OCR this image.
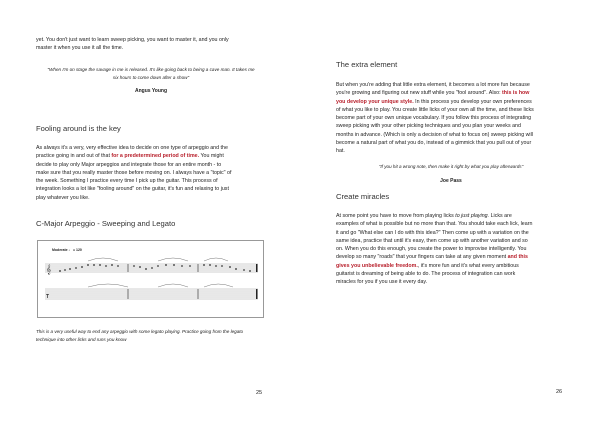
yet. You don't just want to learn sweep picking, you want to master it, and you only
master it when you use it all the time.
"When I'm on stage the savage in me is released. It's like going back to being a cave man. It takes me
six hours to come down after a show"
Angus Young
Fooling around is the key
As always it's a very, very effective idea to decide on one type of arpeggio and the
practice going in and out of that for a predetermined period of time. You might
decide to play only Major arpeggios and integrate those for an entire month - to
make sure that you really master those before moving on. I always have a "topic" of
the week. Something I practice every time I pick up the guitar. This process of
integration looks a lot like "fooling around" on the guitar, it's fun and relaxing to just
play whatever you like.
C-Major Arpeggio - Sweeping and Legato
Moderate ♩ = 120
𝄞
T
This is a very useful way to end any arpeggio with some legato playing. Practice going from the legato
technique into other licks and runs you know
25
The extra element
But when you're adding that little extra element, it becomes a lot more fun because
you're growing and figuring out new stuff while you "fool around". Also: this is how
you develop your unique style. In this process you develop your own preferences
of what you like to play. You create little licks of your own all the time, and these licks
become part of your own unique vocabulary. If you follow this process of integrating
sweep picking with your other picking techniques and you plan your weeks and
months in advance. (Which is only a decision of what to focus on) sweep picking will
become a natural part of what you do, instead of a gimmick that you pull out of your
hat.
"If you hit a wrong note, then make it right by what you play afterwards"
Joe Pass
Create miracles
At some point you have to move from playing licks to just playing. Licks are
examples of what is possible but no more than that. You should take each lick, learn
it and go "What else can I do with this idea?" Then come up with a variation on the
same idea, practice that until it's easy, then come up with another variation and so
on. When you do this enough, you create the power to improvise intelligently. You
develop so many "roads" that your fingers can take at any given moment and this
gives you unbelievable freedom., it's more fun and it's what every ambitious
guitarist is dreaming of being able to do. The process of integration can work
miracles for you if you use it every day.
26
